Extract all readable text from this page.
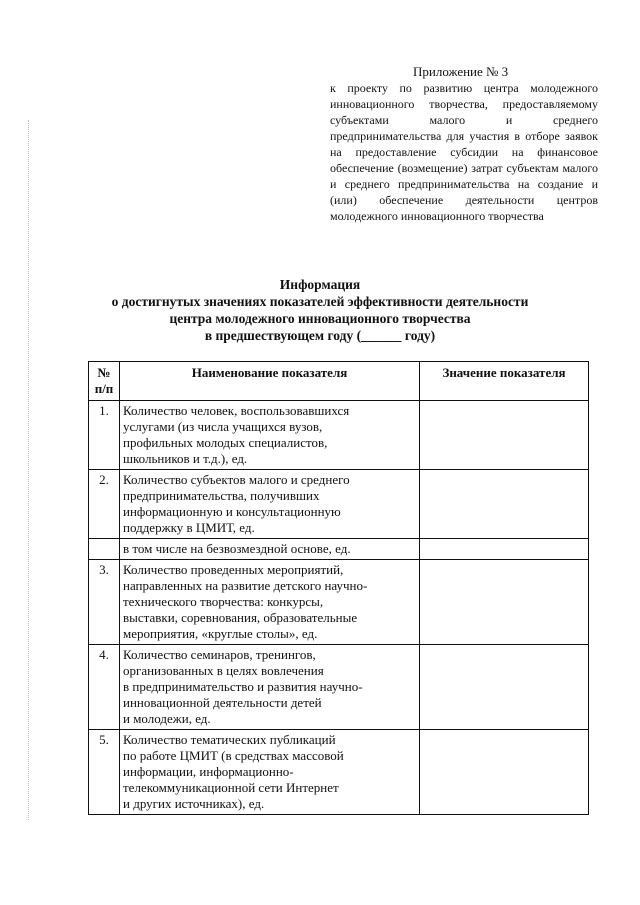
Приложение № 3
к проекту по развитию центра молодежного инновационного творчества, предоставляемому субъектами малого и среднего предпринимательства для участия в отборе заявок на предоставление субсидии на финансовое обеспечение (возмещение) затрат субъектам малого и среднего предпринимательства на создание и (или) обеспечение деятельности центров молодежного инновационного творчества
Информация
о достигнутых значениях показателей эффективности деятельности
центра молодежного инновационного творчества
в предшествующем году (______ году)
№
п/п	Наименование показателя	Значение показателя
1.	Количество человек, воспользовавшихся
услугами (из числа учащихся вузов,
профильных молодых специалистов,
школьников и т.д.), ед.	

2.	Количество субъектов малого и среднего
предпринимательства, получивших
информационную и консультационную
поддержку в ЦМИТ, ед.	

	в том числе на безвозмездной основе, ед.	

3.	Количество проведенных мероприятий,
направленных на развитие детского научно-
технического творчества: конкурсы,
выставки, соревнования, образовательные
мероприятия, «круглые столы», ед.	

4.	Количество семинаров, тренингов,
организованных в целях вовлечения
в предпринимательство и развития научно-
инновационной деятельности детей
и молодежи, ед.	

5.	Количество тематических публикаций
по работе ЦМИТ (в средствах массовой
информации, информационно-
телекоммуникационной сети Интернет
и других источниках), ед.	
